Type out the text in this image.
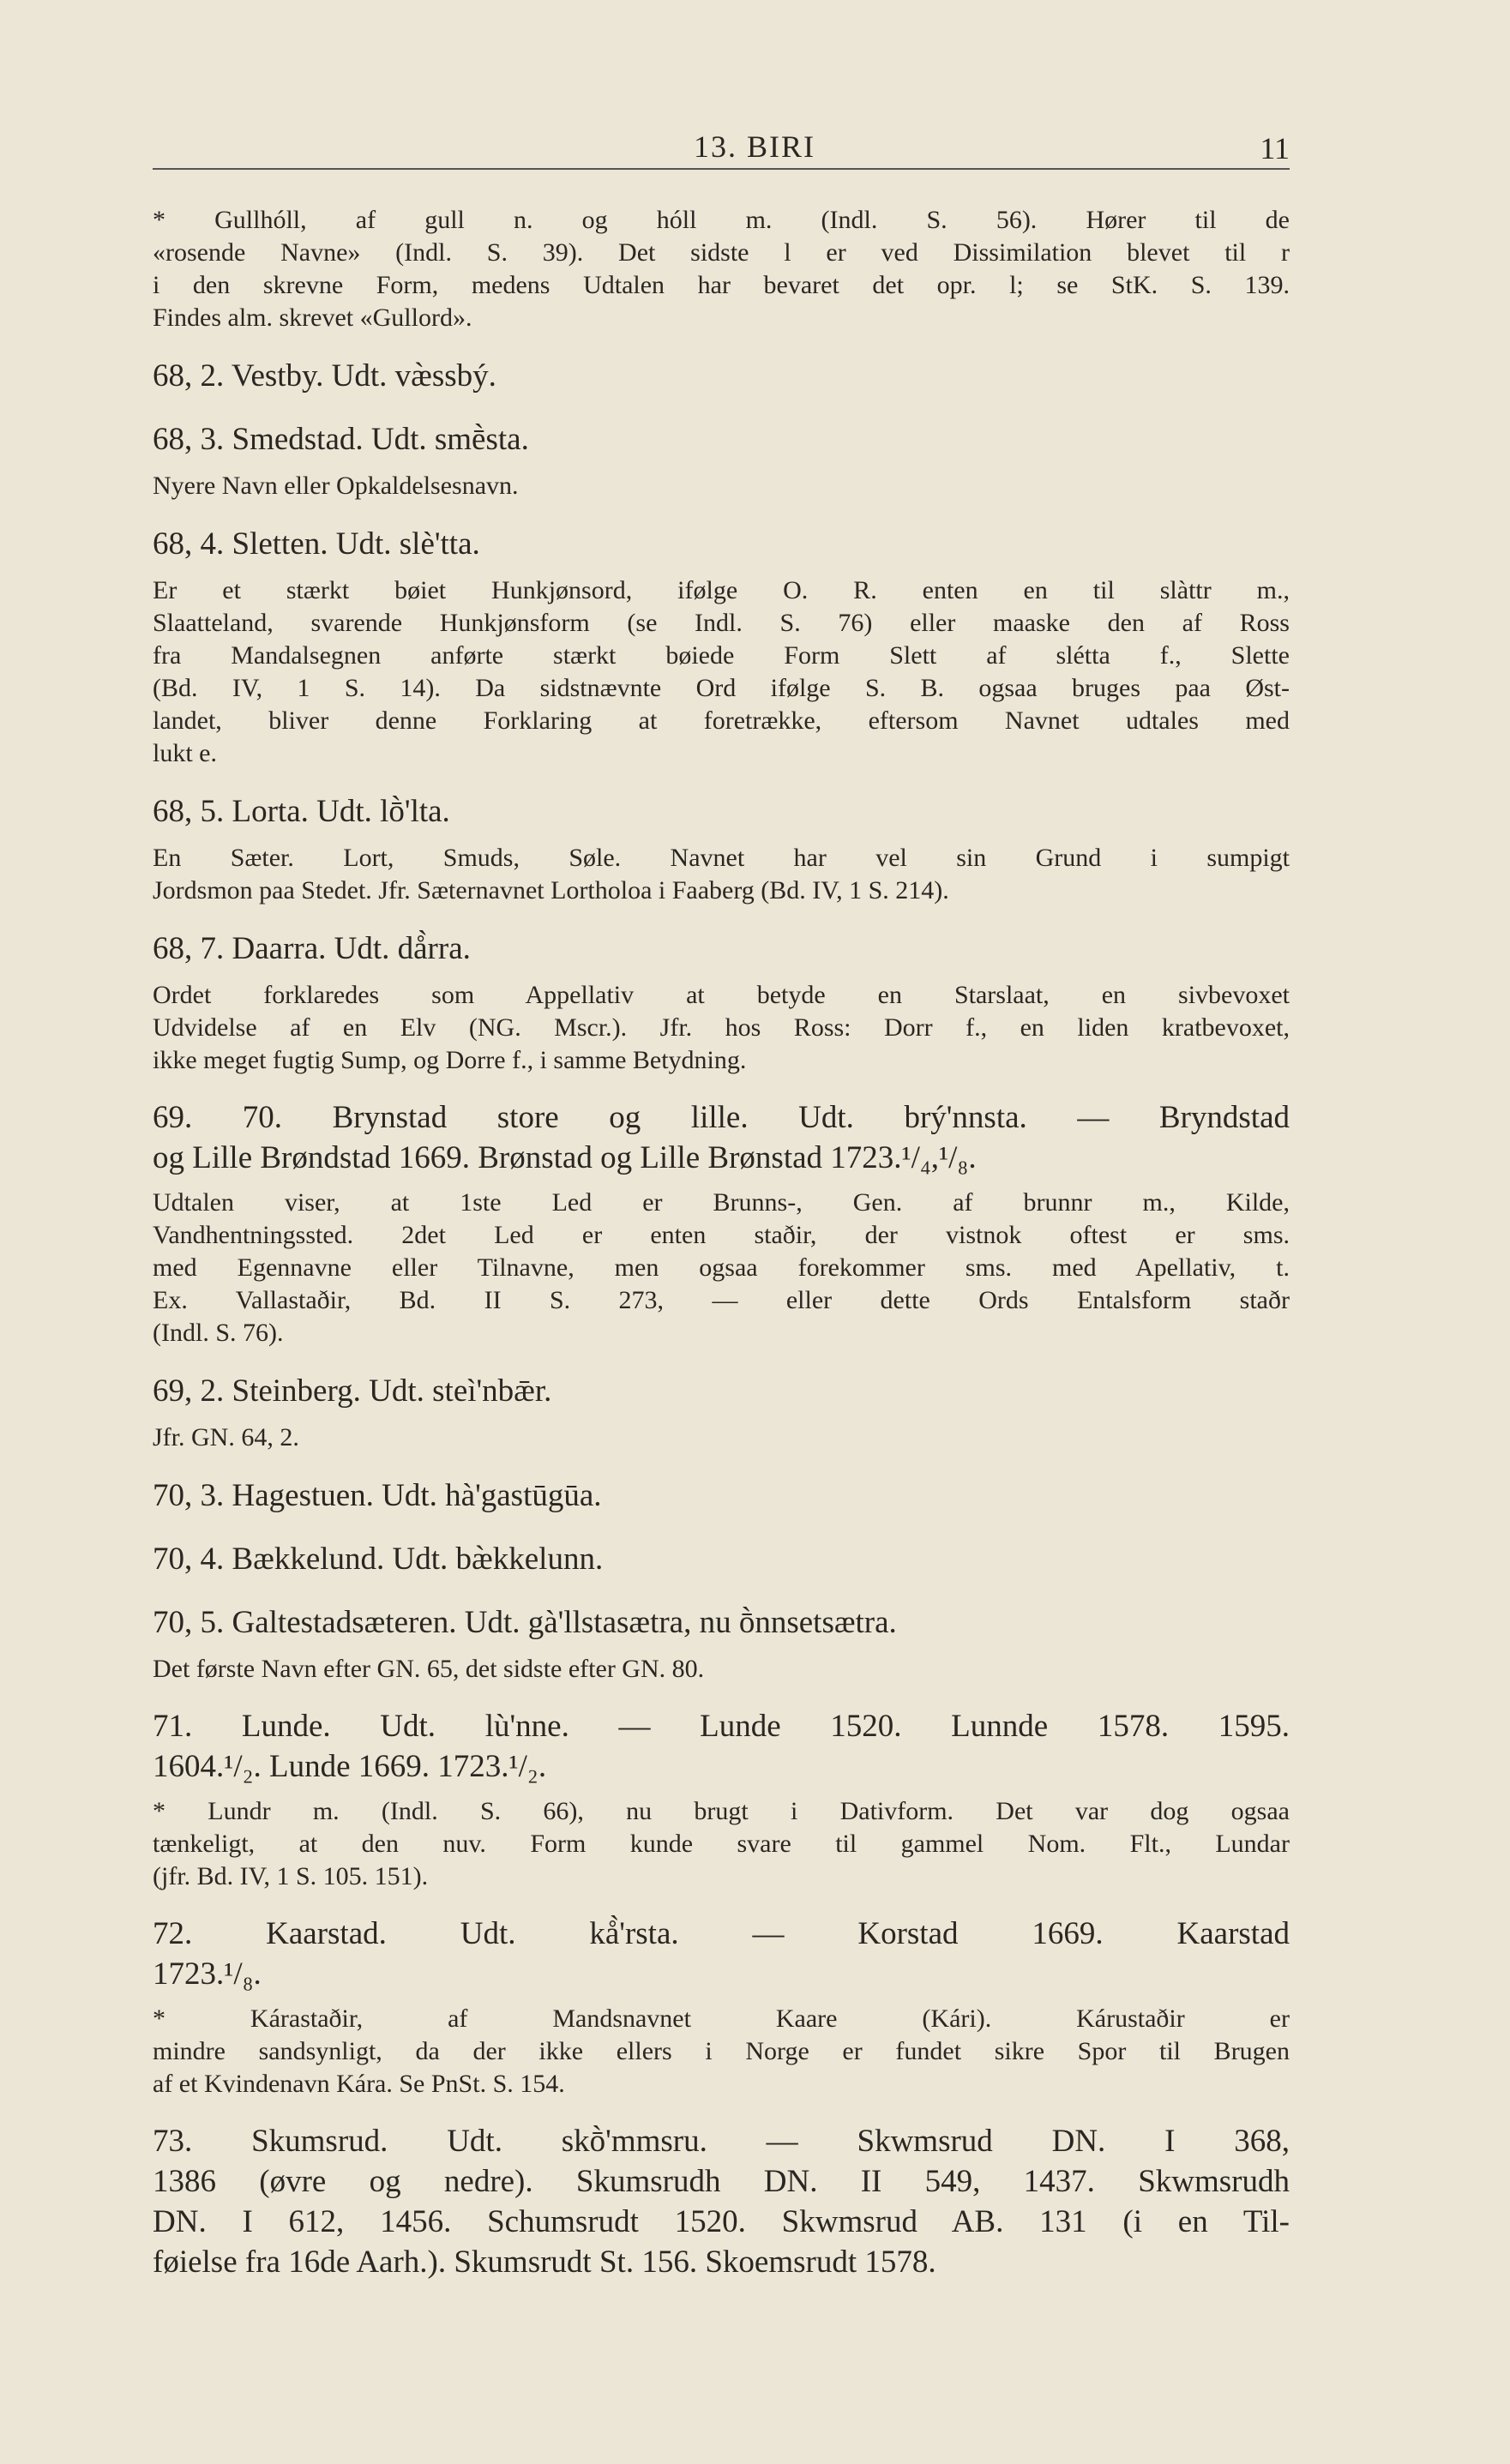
13. BIRI	11
* Gullhóll, af gull n. og hóll m. (Indl. S. 56). Hører til de
«rosende Navne» (Indl. S. 39). Det sidste l er ved Dissimilation blevet til r
i den skrevne Form, medens Udtalen har bevaret det opr. l; se StK. S. 139.
Findes alm. skrevet «Gullord».
68, 2. Vestby. Udt. væ̀ssbý.
68, 3. Smedstad. Udt. smḕsta.
Nyere Navn eller Opkaldelsesnavn.
68, 4. Sletten. Udt. slè'tta.
Er et stærkt bøiet Hunkjønsord, ifølge O. R. enten en til slàttr m.,
Slaatteland, svarende Hunkjønsform (se Indl. S. 76) eller maaske den af Ross
fra Mandalsegnen anførte stærkt bøiede Form Slett af slétta f., Slette
(Bd. IV, 1 S. 14). Da sidstnævnte Ord ifølge S. B. ogsaa bruges paa Øst-
landet, bliver denne Forklaring at foretrække, eftersom Navnet udtales med
lukt e.
68, 5. Lorta. Udt. lṑ'lta.
En Sæter. Lort, Smuds, Søle. Navnet har vel sin Grund i sumpigt
Jordsmon paa Stedet. Jfr. Sæternavnet Lortholoa i Faaberg (Bd. IV, 1 S. 214).
68, 7. Daarra. Udt. då̀rra.
Ordet forklaredes som Appellativ at betyde en Starslaat, en sivbevoxet
Udvidelse af en Elv (NG. Mscr.). Jfr. hos Ross: Dorr f., en liden kratbevoxet,
ikke meget fugtig Sump, og Dorre f., i samme Betydning.
69. 70. Brynstad store og lille. Udt. brý'nnsta. — Bryndstad
og Lille Brøndstad 1669. Brønstad og Lille Brønstad 1723.¹/₄,¹/₈.
Udtalen viser, at 1ste Led er Brunns-, Gen. af brunnr m., Kilde,
Vandhentningssted. 2det Led er enten staðir, der vistnok oftest er sms.
med Egennavne eller Tilnavne, men ogsaa forekommer sms. med Apellativ, t.
Ex. Vallastaðir, Bd. II S. 273, — eller dette Ords Entalsform staðr
(Indl. S. 76).
69, 2. Steinberg. Udt. steì'nbǣr.
Jfr. GN. 64, 2.
70, 3. Hagestuen. Udt. hà'gastūgūa.
70, 4. Bækkelund. Udt. bæ̀kkelunn.
70, 5. Galtestadsæteren. Udt. gà'llstasætra, nu ṑnnsetsætra.
Det første Navn efter GN. 65, det sidste efter GN. 80.
71. Lunde. Udt. lù'nne. — Lunde 1520. Lunnde 1578. 1595.
1604.¹/₂. Lunde 1669. 1723.¹/₂.
* Lundr m. (Indl. S. 66), nu brugt i Dativform. Det var dog ogsaa
tænkeligt, at den nuv. Form kunde svare til gammel Nom. Flt., Lundar
(jfr. Bd. IV, 1 S. 105. 151).
72. Kaarstad. Udt. kå̀'rsta. — Korstad 1669. Kaarstad
1723.¹/₈.
* Kárastaðir, af Mandsnavnet Kaare (Kári). Kárustaðir er
mindre sandsynligt, da der ikke ellers i Norge er fundet sikre Spor til Brugen
af et Kvindenavn Kára. Se PnSt. S. 154.
73. Skumsrud. Udt. skṑ'mmsru. — Skwmsrud DN. I 368,
1386 (øvre og nedre). Skumsrudh DN. II 549, 1437. Skwmsrudh
DN. I 612, 1456. Schumsrudt 1520. Skwmsrud AB. 131 (i en Til-
føielse fra 16de Aarh.). Skumsrudt St. 156. Skoemsrudt 1578.
